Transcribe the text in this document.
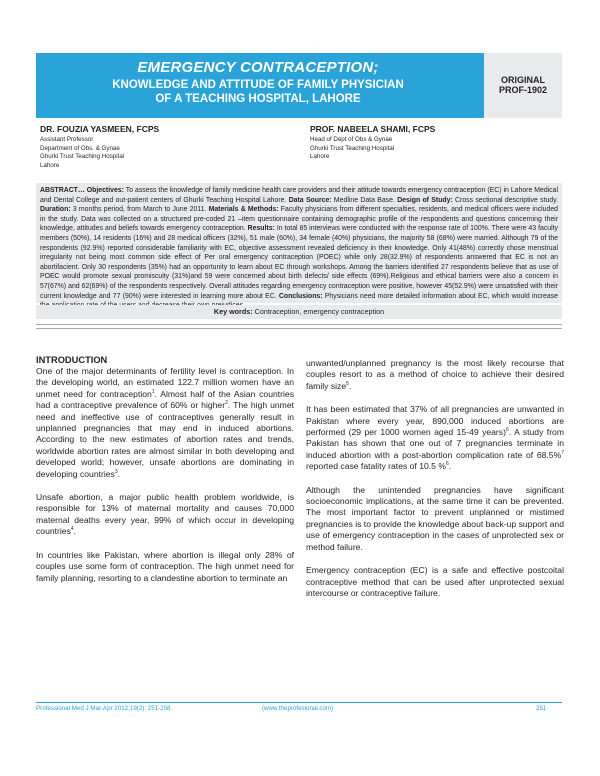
EMERGENCY CONTRACEPTION;
KNOWLEDGE AND ATTITUDE OF FAMILY PHYSICIAN
OF A TEACHING HOSPITAL, LAHORE
ORIGINAL
PROF-1902
DR. FOUZIA YASMEEN, FCPS
Assistant Professor
Department of Obs. & Gynae
Ghurki Trust Teaching Hospital
Lahore
PROF. NABEELA SHAMI, FCPS
Head of Dept of Obs & Gynae
Ghurki Trust Teaching Hospital
Lahore

ABSTRACT… Objectives: To assess the knowledge of family medicine health care providers and their attitude towards emergency contraception (EC) in Lahore Medical and Dental College and out-patient centers of Ghurki Teaching Hospital Lahore. Data Source: Medline Data Base. Design of Study: Cross sectional descriptive study. Duration: 3 months period, from March to June 2011. Materials & Methods: Faculty physicians from different specialties, residents, and medical officers were included in the study. Data was collected on a structured pre-coded 21 –item questionnaire containing demographic profile of the respondents and questions concerning their knowledge, attitudes and beliefs towards emergency contraception. Results: In total 85 interviews were conducted with the response rate of 100%. There were 43 faculty members (50%), 14 residents (16%) and 28 medical officers (32%), 51 male (60%), 34 female (40%) physicians, the majority 58 (68%) were married. Although 79 of the respondents (92.9%) reported considerable familiarity with EC, objective assessment revealed deficiency in their knowledge. Only 41(48%) correctly chose menstrual irregularity not being most common side effect of Per oral emergency contraception (POEC) while only 28(32.9%) of respondents answered that EC is not an abortifacient. Only 30 respondents (35%) had an opportunity to learn about EC through workshops. Among the barriers identified 27 respondents believe that as use of POEC would promote sexual promiscuity (31%)and 59 were concerned about birth defects/ side effects (69%).Religious and ethical barriers were also a concern in 57(67%) and 62(69%) of the respondents respectively. Overall attitudes regarding emergency contraception were positive, however 45(52.9%) were unsatisfied with their current knowledge and 77 (90%) were interested in learning more about EC. Conclusions: Physicians need more detailed information about EC, which would increase

Key words: Contraception, emergency contraception
INTRODUCTION

One of the major determinants of fertility level is contraception. In the developing world, an estimated 122.7 million women have an unmet need for contraception$^1$. Almost half of the Asian countries had a contraceptive prevalence of 60% or higher$^2$. The high unmet need and ineffective use of contraceptives generally result in unplanned pregnancies that may end in induced abortions. According to the new estimates of abortion rates and trends, worldwide abortion rates are almost similar in both developing and developed world; however, unsafe abortions are dominating in developing countries$^3$.

Unsafe abortion, a major public health problem worldwide, is responsible for 13% of maternal mortality and causes 70,000 maternal deaths every year, 99% of which occur in developing countries$^4$.

In countries like Pakistan, where abortion is illegal only 28% of couples use some form of contraception. The high unmet need for family planning, resorting to a clandestine abortion to terminate an

unwanted/unplanned pregnancy is the most likely recourse that couples resort to as a method of choice to achieve their desired family size$^5$.

It has been estimated that 37% of all pregnancies are unwanted in Pakistan where every year, 890,000 induced abortions are performed (29 per 1000 women aged 15-49 years)$^6$. A study from Pakistan has shown that one out of 7 pregnancies terminate in induced abortion with a post-abortion complication rate of 68.5%$^7$ reported case fatality rates of 10.5 %$^6$.

Although the unintended pregnancies have significant socioeconomic implications, at the same time it can be prevented. The most important factor to prevent unplanned or mistimed pregnancies is to provide the knowledge about back-up support and use of emergency contraception in the cases of unprotected sex or method failure.

Emergency contraception (EC) is a safe and effective postcoital contraceptive method that can be used after unprotected sexual intercourse or contraceptive failure.

Professional Med J Mar-Apr 2012;19(2): 251-258.	(www.theprofesional.com)	251
